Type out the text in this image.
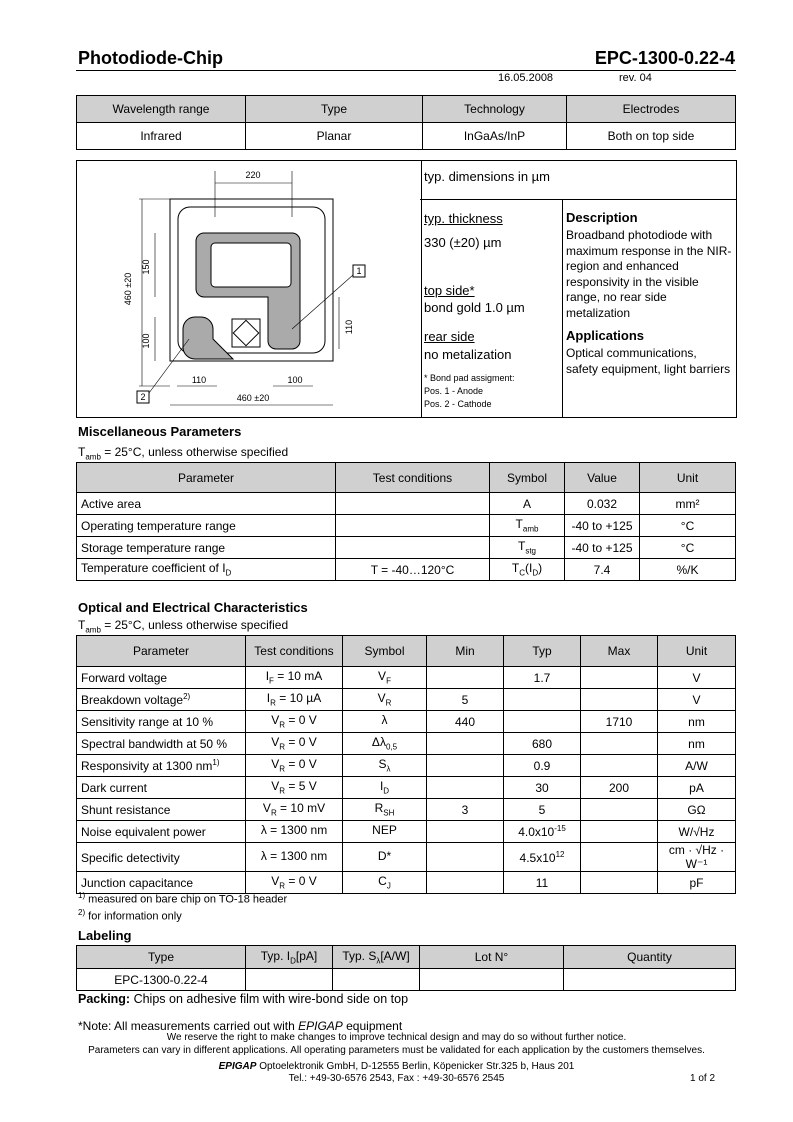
Photodiode-Chip	EPC-1300-0.22-4
16.05.2008	rev. 04
Wavelength range	Type	Technology	Electrodes
Infrared	Planar	InGaAs/InP	Both on top side
220
460 ±20
150
100
110
110	100
460 ±20
1
2
typ. dimensions in µm
typ. thickness
330 (±20) µm
top side*
bond gold 1.0 µm
rear side
no metalization
* Bond pad assigment:
Pos. 1 - Anode
Pos. 2 - Cathode
Description
Broadband photodiode with maximum response in the NIR-region and enhanced responsivity in the visible range, no rear side metalization
Applications
Optical communications, safety equipment, light barriers
Miscellaneous Parameters
$T_{amb} = 25^\circ C$, unless otherwise specified
Parameter	Test conditions	Symbol	Value	Unit
Active area		A	0.032	mm²
Operating temperature range		$T_{amb}$	-40 to +125	°C
Storage temperature range		$T_{stg}$	-40 to +125	°C
Temperature coefficient of $I_D$	T = -40…120°C	$T_C(I_D)$	7.4	%/K
Optical and Electrical Characteristics
$T_{amb} = 25^\circ C$, unless otherwise specified
Parameter	Test conditions	Symbol	Min	Typ	Max	Unit
Forward voltage	$I_F = 10$ mA	$V_F$		1.7		V
Breakdown voltage$^{2)}$	$I_R = 10$ µA	$V_R$	5			V
Sensitivity range at 10 %	$V_R = 0$ V	λ	440		1710	nm
Spectral bandwidth at 50 %	$V_R = 0$ V	$\Delta\lambda_{0,5}$		680		nm
Responsivity at 1300 $nm^{1)}$	$V_R = 0$ V	$S_\lambda$		0.9		A/W
Dark current	$V_R = 5$ V	$I_D$		30	200	pA
Shunt resistance	$V_R = 10$ mV	$R_{SH}$	3	5		GΩ
Noise equivalent power	λ = 1300 nm	NEP		$4.0x10^{-15}$		W/√Hz
Specific detectivity	λ = 1300 nm	D*		$4.5x10^{12}$		cm · √Hz · W⁻¹
Junction capacitance	$V_R = 0$ V	$C_J$		11		pF
$^{1)}$ measured on bare chip on TO-18 header
$^{2)}$ for information only
Labeling
Type	Typ. $I_D[pA]$	Typ. $S_\lambda[A/W]$	Lot N°	Quantity
EPC-1300-0.22-4				
Packing: Chips on adhesive film with wire-bond side on top
*Note: All measurements carried out with EPIGAP equipment
We reserve the right to make changes to improve technical design and may do so without further notice.
Parameters can vary in different applications. All operating parameters must be validated for each application by the customers themselves.
EPIGAP Optoelektronik GmbH, D-12555 Berlin, Köpenicker Str.325 b, Haus 201
Tel.: +49-30-6576 2543, Fax : +49-30-6576 2545	1 of 2
